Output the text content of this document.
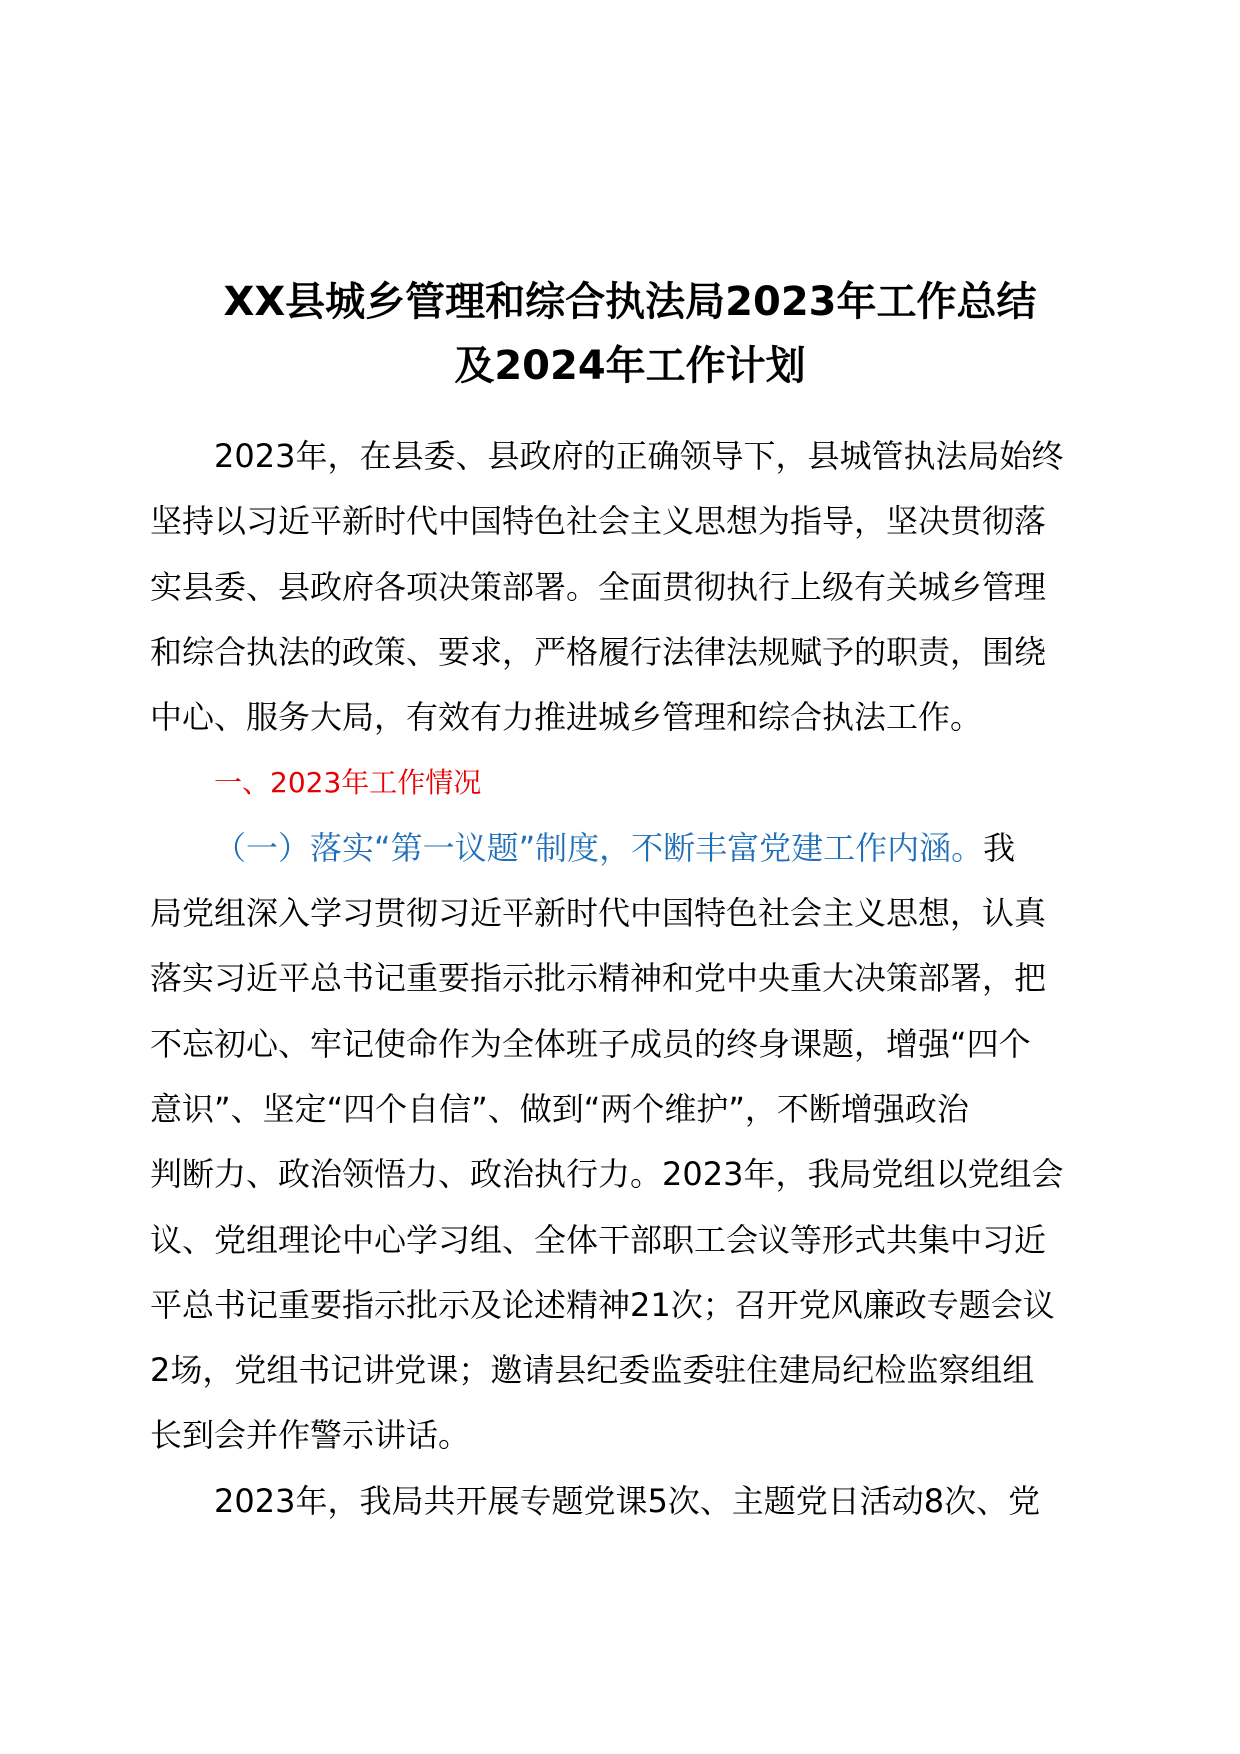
XX县城乡管理和综合执法局2023年工作总结
及2024年工作计划
2023年，在县委、县政府的正确领导下，县城管执法局始终
坚持以习近平新时代中国特色社会主义思想为指导，坚决贯彻落
实县委、县政府各项决策部署。全面贯彻执行上级有关城乡管理
和综合执法的政策、要求，严格履行法律法规赋予的职责，围绕
中心、服务大局，有效有力推进城乡管理和综合执法工作。
一、2023年工作情况
（一）落实“第一议题”制度，不断丰富党建工作内涵。我
局党组深入学习贯彻习近平新时代中国特色社会主义思想，认真
落实习近平总书记重要指示批示精神和党中央重大决策部署，把
不忘初心、牢记使命作为全体班子成员的终身课题，增强“四个
意识”、坚定“四个自信”、做到“两个维护”，不断增强政治
判断力、政治领悟力、政治执行力。2023年，我局党组以党组会
议、党组理论中心学习组、全体干部职工会议等形式共集中习近
平总书记重要指示批示及论述精神21次；召开党风廉政专题会议
2场，党组书记讲党课；邀请县纪委监委驻住建局纪检监察组组
长到会并作警示讲话。
2023年，我局共开展专题党课5次、主题党日活动8次、党
